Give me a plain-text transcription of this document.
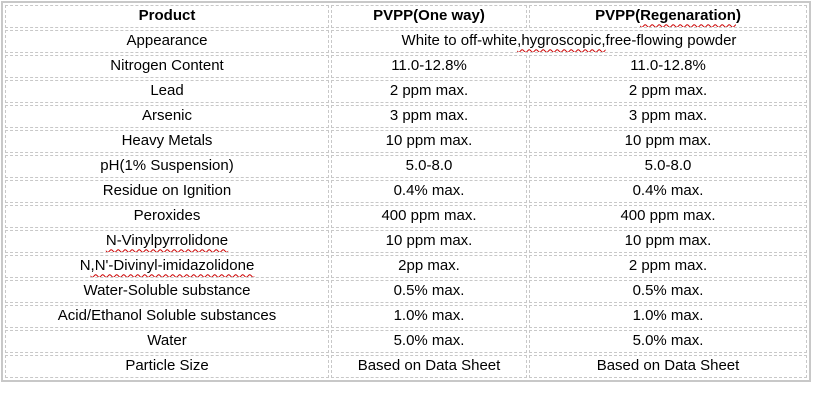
Product	PVPP(One way)	PVPP(Regenaration)
Appearance	White to off-white,hygroscopic,free-flowing powder	
Nitrogen Content	11.0-12.8%	11.0-12.8%
Lead	2 ppm max.	2 ppm max.
Arsenic	3 ppm max.	3 ppm max.
Heavy Metals	10 ppm max.	10 ppm max.
pH(1% Suspension)	5.0-8.0	5.0-8.0
Residue on Ignition	0.4% max.	0.4% max.
Peroxides	400 ppm max.	400 ppm max.
N-Vinylpyrrolidone	10 ppm max.	10 ppm max.
N,N'-Divinyl-imidazolidone	2pp max.	2 ppm max.
Water-Soluble substance	0.5% max.	0.5% max.
Acid/Ethanol Soluble substances	1.0% max.	1.0% max.
Water	5.0% max.	5.0% max.
Particle Size	Based on Data Sheet	Based on Data Sheet
